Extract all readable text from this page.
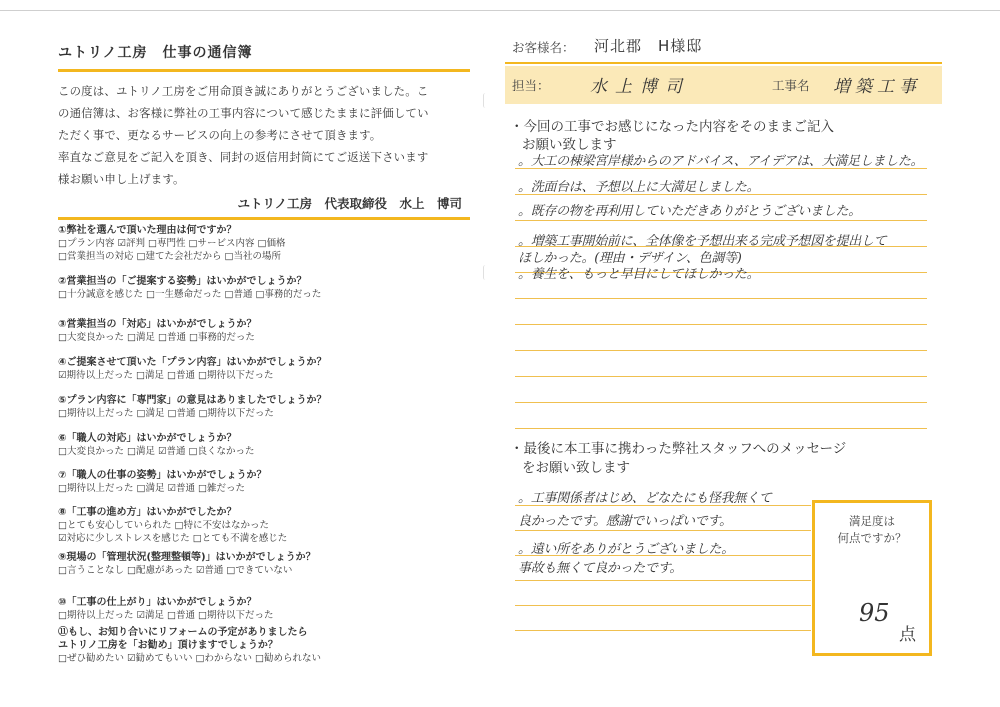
ユトリノ工房　仕事の通信簿

この度は、ユトリノ工房をご用命頂き誠にありがとうございました。こ

の通信簿は、お客様に弊社の工事内容について感じたままに評価してい

ただく事で、更なるサービスの向上の参考にさせて頂きます。

率直なご意見をご記入を頂き、同封の返信用封筒にてご返送下さいます

様お願い申し上げます。

ユトリノ工房　代表取締役　水上　博司
①弊社を選んで頂いた理由は何ですか？
□プラン内容 ☑評判 □専門性 □サービス内容 □価格
□営業担当の対応 □建てた会社だから □当社の場所
②営業担当の「ご提案する姿勢」はいかがでしょうか？
□十分誠意を感じた □一生懸命だった □普通 □事務的だった
③営業担当の「対応」はいかがでしょうか？
□大変良かった □満足 □普通 □事務的だった
④ご提案させて頂いた「プラン内容」はいかがでしょうか？
☑期待以上だった □満足 □普通 □期待以下だった
⑤プラン内容に「専門家」の意見はありましたでしょうか？
□期待以上だった □満足 □普通 □期待以下だった
⑥「職人の対応」はいかがでしょうか？
□大変良かった □満足 ☑普通 □良くなかった
⑦「職人の仕事の姿勢」はいかがでしょうか？
□期待以上だった □満足 ☑普通 □雑だった
⑧「工事の進め方」はいかがでしたか？
□とても安心していられた □特に不安はなかった
☑対応に少しストレスを感じた □とても不満を感じた
⑨現場の「管理状況(整理整頓等)」はいかがでしょうか？
□言うことなし □配慮があった ☑普通 □できていない
⑩「工事の仕上がり」はいかがでしょうか？
□期待以上だった ☑満足 □普通 □期待以下だった
⑪もし、お知り合いにリフォームの予定がありましたら
ユトリノ工房を「お勧め」頂けますでしょうか？
□ぜひ勧めたい ☑勧めてもいい □わからない □勧められない
お客様名： 河北郡　H様邸
担当： 水上博司	工事名 増築工事
・今回の工事でお感じになった内容をそのままご記入
お願い致します
。大工の棟梁宮岸様からのアドバイス、アイデアは、大満足しました。
。洗面台は、予想以上に大満足しました。
。既存の物を再利用していただきありがとうございました。
。増築工事開始前に、全体像を予想出来る完成予想図を提出して
ほしかった。(理由・デザイン、色調等)
。養生を、もっと早目にしてほしかった。
・最後に本工事に携わった弊社スタッフへのメッセージ
をお願い致します
。工事関係者はじめ、どなたにも怪我無くて
良かったです。感謝でいっぱいです。
。遠い所をありがとうございました。
事故も無くて良かったです。
満足度は
何点ですか？
95
点
